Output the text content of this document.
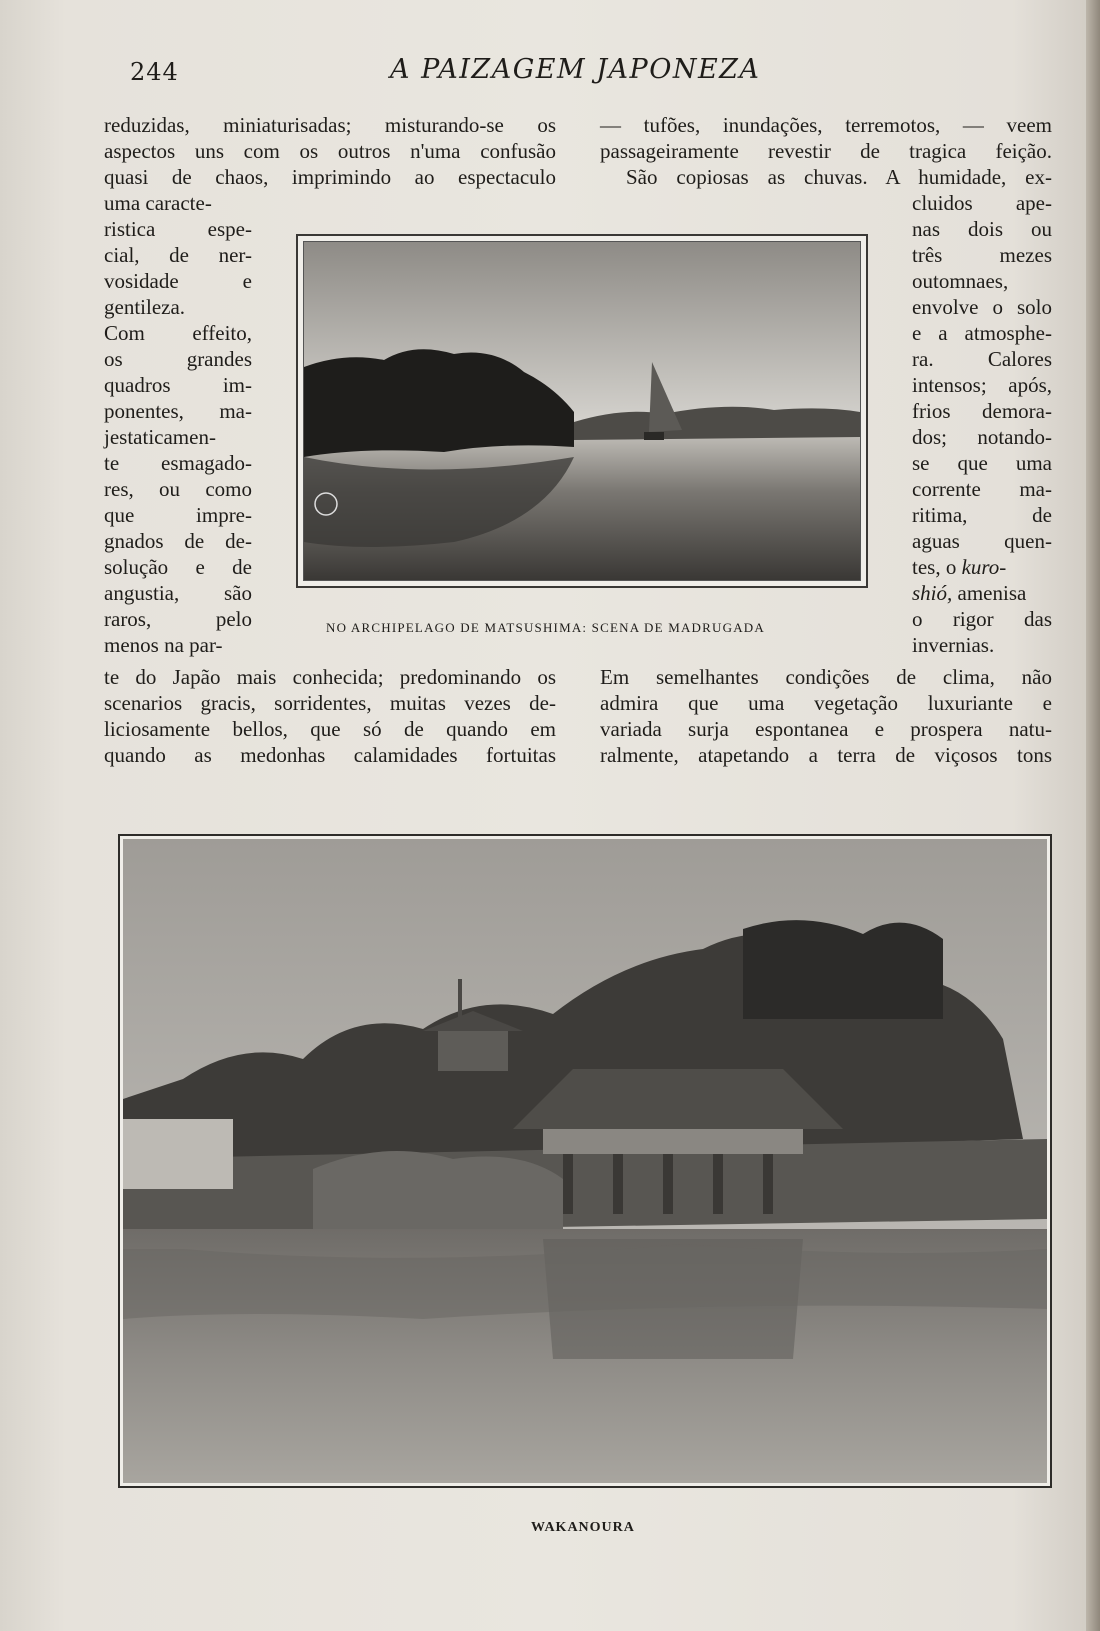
244	A PAIZAGEM JAPONEZA
reduzidas, miniaturisadas; misturando-se os
aspectos uns com os outros n'uma confusão
quasi de chaos, imprimindo ao espectaculo
uma caracte-
ristica espe-
cial, de ner-
vosidade e
gentileza.
Com effeito,
os grandes
quadros im-
ponentes, ma-
jestaticamen-
te esmagado-
res, ou como
que impre-
gnados de de-
solução e de
angustia, são
raros, pelo
menos na par-
te do Japão mais conhecida; predominando os
scenarios gracis, sorridentes, muitas vezes de-
liciosamente bellos, que só de quando em
quando as medonhas calamidades fortuitas
— tufões, inundações, terremotos, — veem
passageiramente revestir de tragica feição.
São copiosas as chuvas. A humidade, ex-
cluidos ape-
nas dois ou
três mezes
outomnaes,
envolve o solo
e a atmosphe-
ra. Calores
intensos; após,
frios demora-
dos; notando-
se que uma
corrente ma-
ritima, de
aguas quen-
tes, o kuro-
shió, amenisa
o rigor das
invernias.
Em semelhantes condições de clima, não
admira que uma vegetação luxuriante e
variada surja espontanea e prospera natu-
ralmente, atapetando a terra de viçosos tons
NO ARCHIPELAGO DE MATSUSHIMA: SCENA DE MADRUGADA
WAKANOURA
